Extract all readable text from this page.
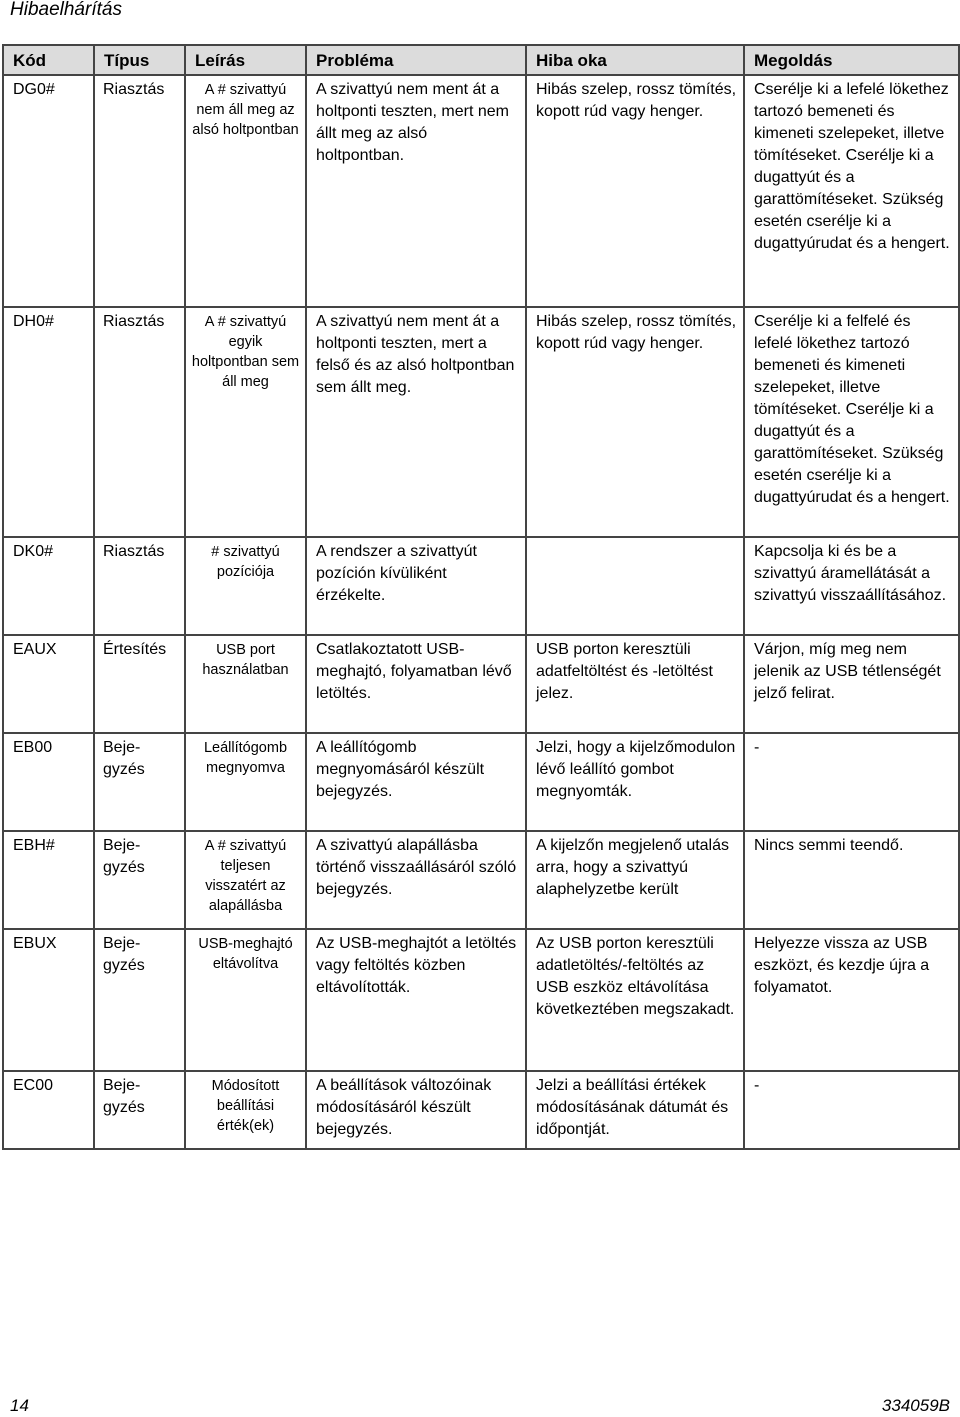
Hibaelhárítás
Kód	Típus	Leírás	Probléma	Hiba oka	Megoldás
DG0#	Riasztás	A # szivattyú nem áll meg az alsó holtpontban	A szivattyú nem ment át a holtponti teszten, mert nem állt meg az alsó holtpontban.	Hibás szelep, rossz tömítés, kopott rúd vagy henger.	Cserélje ki a lefelé lökethez tartozó bemeneti és kimeneti szelepeket, illetve tömítéseket. Cserélje ki a dugattyút és a garattömítéseket. Szükség esetén cserélje ki a dugattyúrudat és a hengert.
DH0#	Riasztás	A # szivattyú egyik holtpontban sem áll meg	A szivattyú nem ment át a holtponti teszten, mert a felső és az alsó holtpontban sem állt meg.	Hibás szelep, rossz tömítés, kopott rúd vagy henger.	Cserélje ki a felfelé és lefelé lökethez tartozó bemeneti és kimeneti szelepeket, illetve tömítéseket. Cserélje ki a dugattyút és a garattömítéseket. Szükség esetén cserélje ki a dugattyúrudat és a hengert.
DK0#	Riasztás	# szivattyú pozíciója	A rendszer a szivattyút pozíción kívüliként érzékelte.		Kapcsolja ki és be a szivattyú áramellátását a szivattyú visszaállításához.
EAUX	Értesítés	USB port használatban	Csatlakoztatott USB-meghajtó, folyamatban lévő letöltés.	USB porton keresztüli adatfeltöltést és -letöltést jelez.	Várjon, míg meg nem jelenik az USB tétlenségét jelző felirat.
EB00	Beje-gyzés	Leállítógomb megnyomva	A leállítógomb megnyomásáról készült bejegyzés.	Jelzi, hogy a kijelzőmodulon lévő leállító gombot megnyomták.	-
EBH#	Beje-gyzés	A # szivattyú teljesen visszatért az alapállásba	A szivattyú alapállásba történő visszaállásáról szóló bejegyzés.	A kijelzőn megjelenő utalás arra, hogy a szivattyú alaphelyzetbe került	Nincs semmi teendő.
EBUX	Beje-gyzés	USB-meghajtó eltávolítva	Az USB-meghajtót a letöltés vagy feltöltés közben eltávolították.	Az USB porton keresztüli adatletöltés/-feltöltés az USB eszköz eltávolítása következtében megszakadt.	Helyezze vissza az USB eszközt, és kezdje újra a folyamatot.
EC00	Beje-gyzés	Módosított beállítási érték(ek)	A beállítások változóinak módosításáról készült bejegyzés.	Jelzi a beállítási értékek módosításának dátumát és időpontját.	-
14	334059B
